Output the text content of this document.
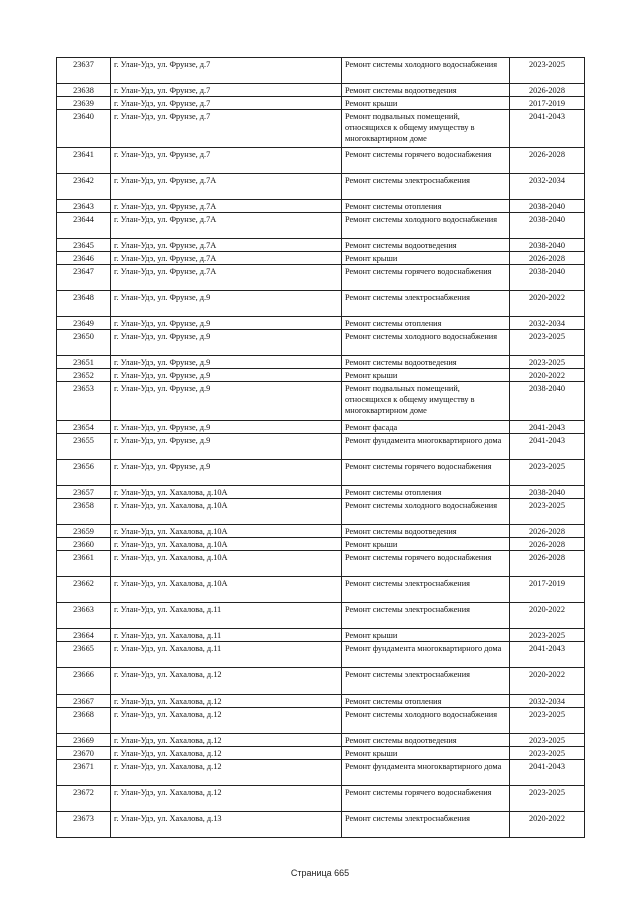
23637	г. Улан-Удэ, ул. Фрунзе, д.7	Ремонт системы холодного водоснабжения	2023-2025
23638	г. Улан-Удэ, ул. Фрунзе, д.7	Ремонт системы водоотведения	2026-2028
23639	г. Улан-Удэ, ул. Фрунзе, д.7	Ремонт крыши	2017-2019
23640	г. Улан-Удэ, ул. Фрунзе, д.7	Ремонт подвальных помещений, относящихся к общему имуществу в многоквартирном доме	2041-2043
23641	г. Улан-Удэ, ул. Фрунзе, д.7	Ремонт системы горячего водоснабжения	2026-2028
23642	г. Улан-Удэ, ул. Фрунзе, д.7А	Ремонт системы электроснабжения	2032-2034
23643	г. Улан-Удэ, ул. Фрунзе, д.7А	Ремонт системы отопления	2038-2040
23644	г. Улан-Удэ, ул. Фрунзе, д.7А	Ремонт системы холодного водоснабжения	2038-2040
23645	г. Улан-Удэ, ул. Фрунзе, д.7А	Ремонт системы водоотведения	2038-2040
23646	г. Улан-Удэ, ул. Фрунзе, д.7А	Ремонт крыши	2026-2028
23647	г. Улан-Удэ, ул. Фрунзе, д.7А	Ремонт системы горячего водоснабжения	2038-2040
23648	г. Улан-Удэ, ул. Фрунзе, д.9	Ремонт системы электроснабжения	2020-2022
23649	г. Улан-Удэ, ул. Фрунзе, д.9	Ремонт системы отопления	2032-2034
23650	г. Улан-Удэ, ул. Фрунзе, д.9	Ремонт системы холодного водоснабжения	2023-2025
23651	г. Улан-Удэ, ул. Фрунзе, д.9	Ремонт системы водоотведения	2023-2025
23652	г. Улан-Удэ, ул. Фрунзе, д.9	Ремонт крыши	2020-2022
23653	г. Улан-Удэ, ул. Фрунзе, д.9	Ремонт подвальных помещений, относящихся к общему имуществу в многоквартирном доме	2038-2040
23654	г. Улан-Удэ, ул. Фрунзе, д.9	Ремонт фасада	2041-2043
23655	г. Улан-Удэ, ул. Фрунзе, д.9	Ремонт фундамента многоквартирного дома	2041-2043
23656	г. Улан-Удэ, ул. Фрунзе, д.9	Ремонт системы горячего водоснабжения	2023-2025
23657	г. Улан-Удэ, ул. Хахалова, д.10А	Ремонт системы отопления	2038-2040
23658	г. Улан-Удэ, ул. Хахалова, д.10А	Ремонт системы холодного водоснабжения	2023-2025
23659	г. Улан-Удэ, ул. Хахалова, д.10А	Ремонт системы водоотведения	2026-2028
23660	г. Улан-Удэ, ул. Хахалова, д.10А	Ремонт крыши	2026-2028
23661	г. Улан-Удэ, ул. Хахалова, д.10А	Ремонт системы горячего водоснабжения	2026-2028
23662	г. Улан-Удэ, ул. Хахалова, д.10А	Ремонт системы электроснабжения	2017-2019
23663	г. Улан-Удэ, ул. Хахалова, д.11	Ремонт системы электроснабжения	2020-2022
23664	г. Улан-Удэ, ул. Хахалова, д.11	Ремонт крыши	2023-2025
23665	г. Улан-Удэ, ул. Хахалова, д.11	Ремонт фундамента многоквартирного дома	2041-2043
23666	г. Улан-Удэ, ул. Хахалова, д.12	Ремонт системы электроснабжения	2020-2022
23667	г. Улан-Удэ, ул. Хахалова, д.12	Ремонт системы отопления	2032-2034
23668	г. Улан-Удэ, ул. Хахалова, д.12	Ремонт системы холодного водоснабжения	2023-2025
23669	г. Улан-Удэ, ул. Хахалова, д.12	Ремонт системы водоотведения	2023-2025
23670	г. Улан-Удэ, ул. Хахалова, д.12	Ремонт крыши	2023-2025
23671	г. Улан-Удэ, ул. Хахалова, д.12	Ремонт фундамента многоквартирного дома	2041-2043
23672	г. Улан-Удэ, ул. Хахалова, д.12	Ремонт системы горячего водоснабжения	2023-2025
23673	г. Улан-Удэ, ул. Хахалова, д.13	Ремонт системы электроснабжения	2020-2022
Страница 665
